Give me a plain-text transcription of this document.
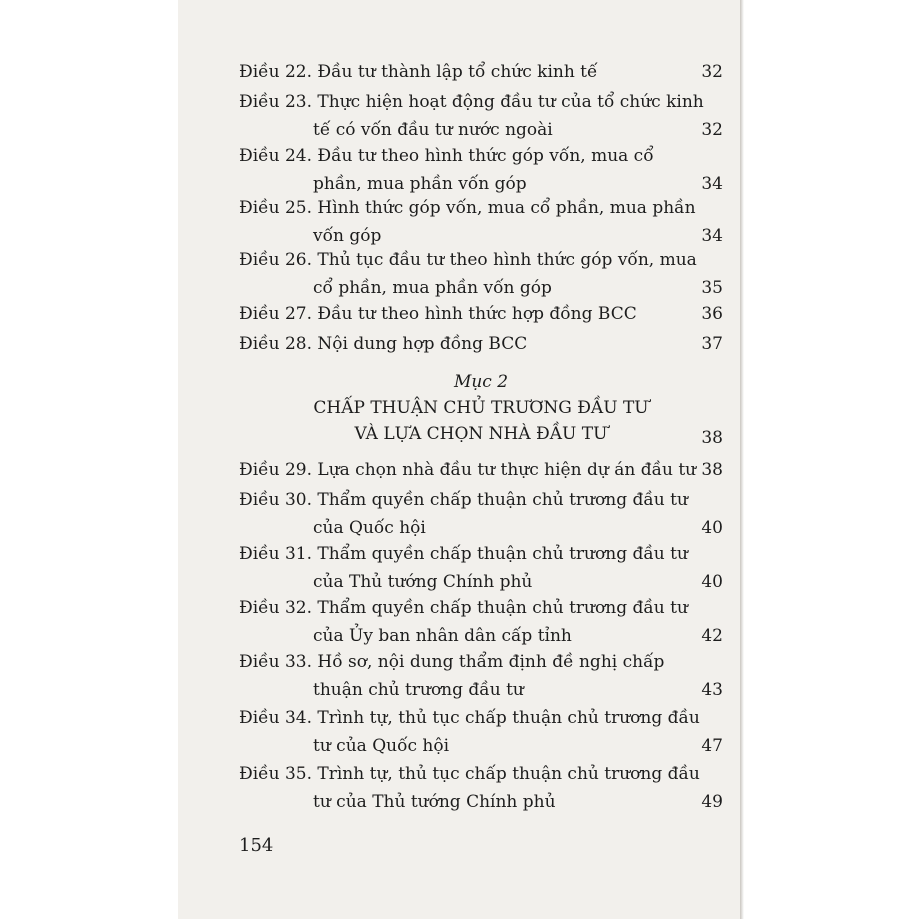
Điều 22. Đầu tư thành lập tổ chức kinh tế	32
Điều 23. Thực hiện hoạt động đầu tư của tổ chức kinh
tế có vốn đầu tư nước ngoài	32
Điều 24. Đầu tư theo hình thức góp vốn, mua cổ
phần, mua phần vốn góp	34
Điều 25. Hình thức góp vốn, mua cổ phần, mua phần
vốn góp	34
Điều 26. Thủ tục đầu tư theo hình thức góp vốn, mua
cổ phần, mua phần vốn góp	35
Điều 27. Đầu tư theo hình thức hợp đồng BCC	36
Điều 28. Nội dung hợp đồng BCC	37
Mục 2
CHẤP THUẬN CHỦ TRƯƠNG ĐẦU TƯ
VÀ LỰA CHỌN NHÀ ĐẦU TƯ	38
Điều 29. Lựa chọn nhà đầu tư thực hiện dự án đầu tư 38
Điều 30. Thẩm quyền chấp thuận chủ trương đầu tư
của Quốc hội	40
Điều 31. Thẩm quyền chấp thuận chủ trương đầu tư
của Thủ tướng Chính phủ	40
Điều 32. Thẩm quyền chấp thuận chủ trương đầu tư
của Ủy ban nhân dân cấp tỉnh	42
Điều 33. Hồ sơ, nội dung thẩm định đề nghị chấp
thuận chủ trương đầu tư	43
Điều 34. Trình tự, thủ tục chấp thuận chủ trương đầu
tư của Quốc hội	47
Điều 35. Trình tự, thủ tục chấp thuận chủ trương đầu
tư của Thủ tướng Chính phủ	49
154
